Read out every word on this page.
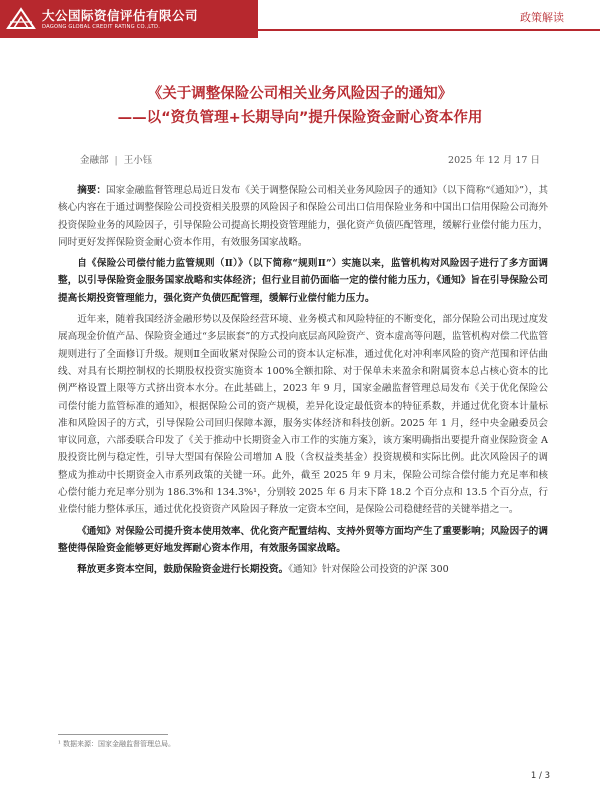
大公国际资信评估有限公司
DAGONG GLOBAL CREDIT RATING CO.,LTD.
政策解读
《关于调整保险公司相关业务风险因子的通知》
——以“资负管理+长期导向”提升保险资金耐心资本作用
金融部 | 王小钰	2025 年 12 月 17 日

摘要：国家金融监督管理总局近日发布《关于调整保险公司相关业务风险因子的通知》（以下简称“《通知》”），其核心内容在于通过调整保险公司投资相关股票的风险因子和保险公司出口信用保险业务和中国出口信用保险公司海外投资保险业务的风险因子，引导保险公司提高长期投资管理能力，强化资产负债匹配管理，缓解行业偿付能力压力，同时更好发挥保险资金耐心资本作用，有效服务国家战略。

自《保险公司偿付能力监管规则（Ⅱ）》（以下简称“规则Ⅱ”）实施以来，监管机构对风险因子进行了多方面调整，以引导保险资金服务国家战略和实体经济；但行业目前仍面临一定的偿付能力压力，《通知》旨在引导保险公司提高长期投资管理能力，强化资产负债匹配管理，缓解行业偿付能力压力。

近年来，随着我国经济金融形势以及保险经营环境、业务模式和风险特征的不断变化，部分保险公司出现过度发展高现金价值产品、保险资金通过“多层嵌套”的方式投向底层高风险资产、资本虚高等问题，监管机构对偿二代监管规则进行了全面修订升级。规则Ⅱ全面收紧对保险公司的资本认定标准，通过优化对冲利率风险的资产范围和评估曲线、对具有长期控制权的长期股权投资实施资本 100%全额扣除、对于保单未来盈余和附属资本总占核心资本的比例严格设置上限等方式挤出资本水分。在此基础上，2023 年 9 月，国家金融监督管理总局发布《关于优化保险公司偿付能力监管标准的通知》，根据保险公司的资产规模，差异化设定最低资本的特征系数，并通过优化资本计量标准和风险因子的方式，引导保险公司回归保障本源，服务实体经济和科技创新。2025 年 1 月，经中央金融委员会审议同意，六部委联合印发了《关于推动中长期资金入市工作的实施方案》，该方案明确指出要提升商业保险资金 A 股投资比例与稳定性，引导大型国有保险公司增加 A 股（含权益类基金）投资规模和实际比例。此次风险因子的调整成为推动中长期资金入市系列政策的关键一环。此外，截至 2025 年 9 月末，保险公司综合偿付能力充足率和核心偿付能力充足率分别为 186.3%和 134.3%¹，分别较 2025 年 6 月末下降 18.2 个百分点和 13.5 个百分点，行业偿付能力整体承压，通过优化投资资产风险因子释放一定资本空间，是保险公司稳健经营的关键举措之一。

《通知》对保险公司提升资本使用效率、优化资产配置结构、支持外贸等方面均产生了重要影响；风险因子的调整使得保险资金能够更好地发挥耐心资本作用，有效服务国家战略。

释放更多资本空间，鼓励保险资金进行长期投资。《通知》针对保险公司投资的沪深 300

¹ 数据来源：国家金融监督管理总局。
1 / 3
